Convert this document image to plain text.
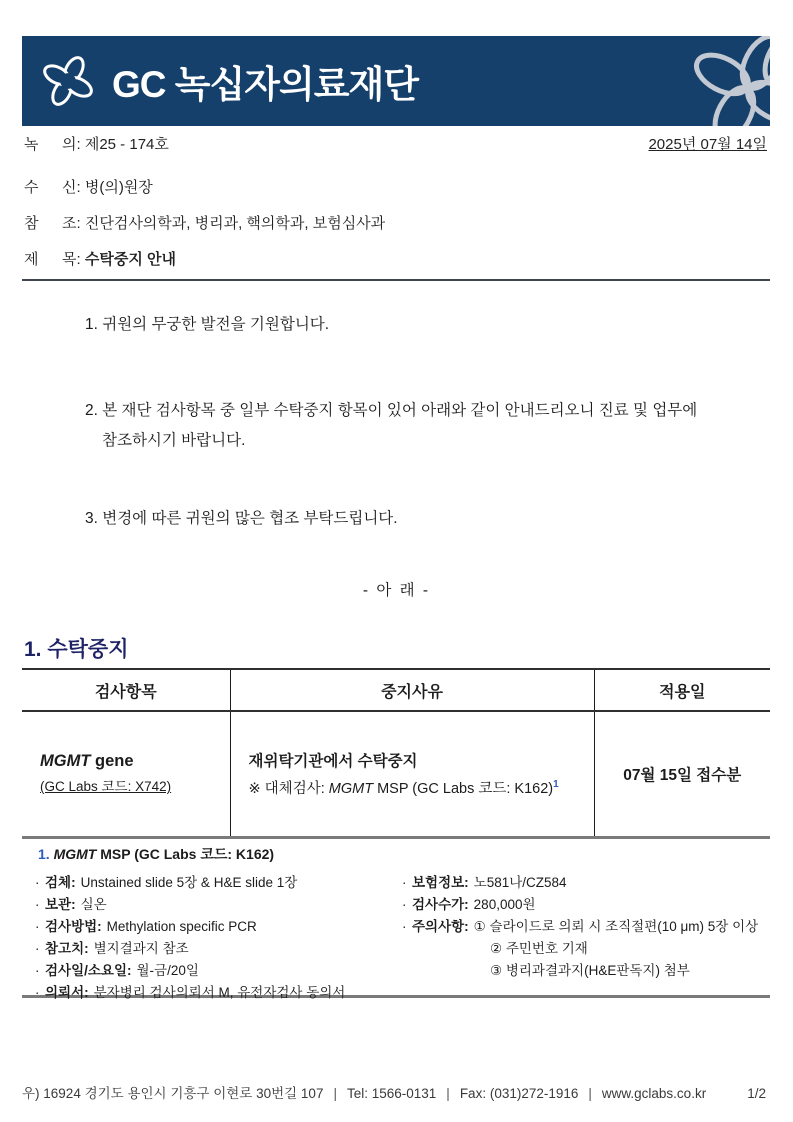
GC 녹십자의료재단
녹	의:
제25 - 174호	2025년 07월 14일
수	신:
병(의)원장
참	조:
진단검사의학과, 병리과, 핵의학과, 보험심사과
제	목:
수탁중지 안내
1. 귀원의 무궁한 발전을 기원합니다.
2. 본 재단 검사항목 중 일부 수탁중지 항목이 있어 아래와 같이 안내드리오니 진료 및 업무에
참조하시기 바랍니다.
3. 변경에 따른 귀원의 많은 협조 부탁드립니다.
- 아 래 -
1. 수탁중지
검사항목	중지사유	적용일

MGMT gene
(GC Labs 코드: X742)

재위탁기관에서 수탁중지
※ 대체검사: MGMT MSP (GC Labs 코드: K162)$^1$
	07월 15일 접수분
1. MGMT MSP (GC Labs 코드: K162)
· 검체: Unstained slide 5장 & H&E slide 1장
· 보관: 실온
· 검사방법: Methylation specific PCR
· 참고치: 별지결과지 참조
· 검사일/소요일: 월-금/20일
· 의뢰서: 분자병리 검사의뢰서 M, 유전자검사 동의서
· 보험정보: 노581나/CZ584
· 검사수가: 280,000원
· 주의사항: ① 슬라이드로 의뢰 시 조직절편(10 μm) 5장 이상
② 주민번호 기재
③ 병리과결과지(H&E판독지) 첨부
우) 16924 경기도 용인시 기흥구 이현로 30번길 107 | Tel: 1566-0131 | Fax: (031)272-1916 | www.gclabs.co.kr	1/2
